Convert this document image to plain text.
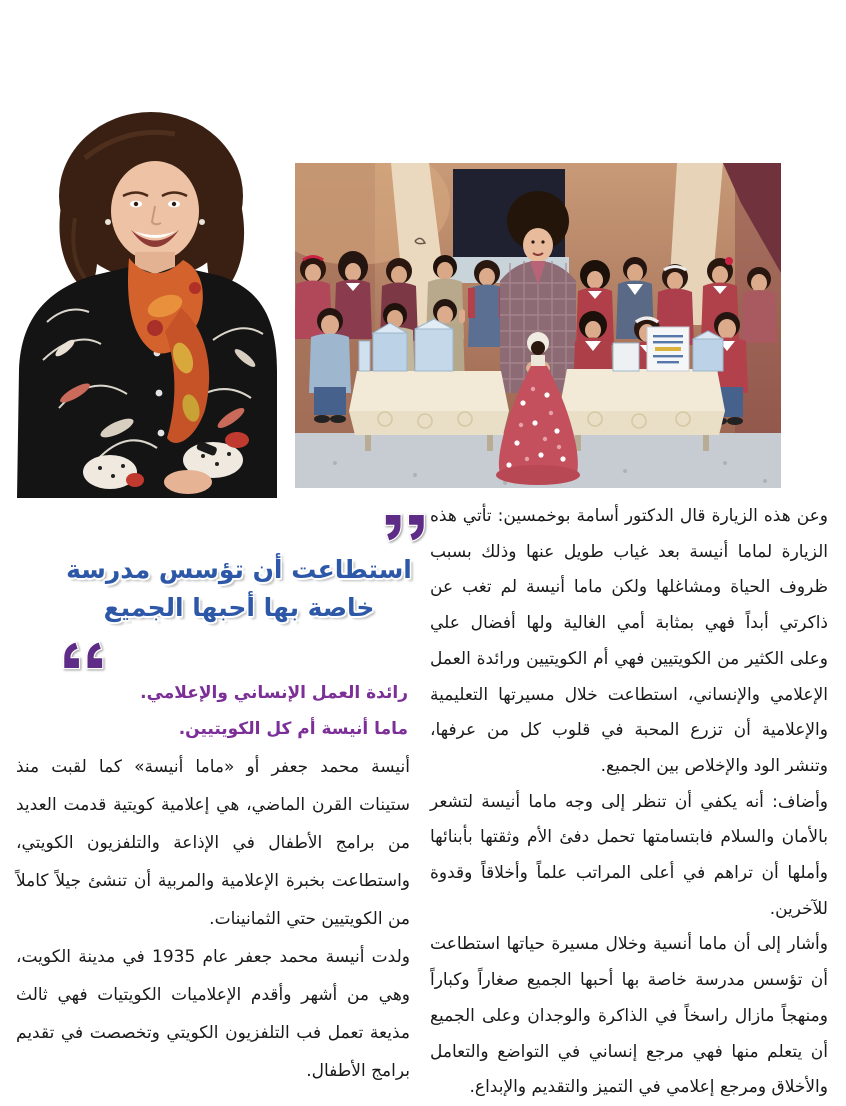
استطاعت أن تؤسس مدرسة
خاصة بها أحبها الجميع
رائدة العمل الإنساني والإعلامي.
ماما أنيسة أم كل الكويتيين.

أنيسة محمد جعفر أو «ماما أنيسة» كما لقبت منذ ستينات القرن الماضي، هي إعلامية كويتية قدمت العديد من برامج الأطفال في الإذاعة والتلفزيون الكويتي، واستطاعت بخبرة الإعلامية والمربية أن تنشئ جيلاً كاملاً من الكويتيين حتي الثمانينات.

ولدت أنيسة محمد جعفر عام 1935 في مدينة الكويت، وهي من أشهر وأقدم الإعلاميات الكويتيات فهي ثالث مذيعة تعمل فب التلفزيون الكويتي وتخصصت في تقديم برامج الأطفال.

وعن هذه الزيارة قال الدكتور أسامة بوخمسين: تأتي هذه الزيارة لماما أنيسة بعد غياب طويل عنها وذلك بسبب ظروف الحياة ومشاغلها ولكن ماما أنيسة لم تغب عن ذاكرتي أبداً فهي بمثابة أمي الغالية ولها أفضال علي وعلى الكثير من الكويتيين فهي أم الكويتيين ورائدة العمل الإعلامي والإنساني، استطاعت خلال مسيرتها التعليمية والإعلامية أن تزرع المحبة في قلوب كل من عرفها، وتنشر الود والإخلاص بين الجميع.

وأضاف: أنه يكفي أن تنظر إلى وجه ماما أنيسة لتشعر بالأمان والسلام فابتسامتها تحمل دفئ الأم وثقتها بأبنائها وأملها أن تراهم في أعلى المراتب علماً وأخلاقاً وقدوة للآخرين.

وأشار إلى أن ماما أنسية وخلال مسيرة حياتها استطاعت أن تؤسس مدرسة خاصة بها أحبها الجميع صغاراً وكباراً ومنهجاً مازال راسخاً في الذاكرة والوجدان وعلى الجميع أن يتعلم منها فهي مرجع إنساني في التواضع والتعامل والأخلاق ومرجع إعلامي في التميز والتقديم والإبداع.
